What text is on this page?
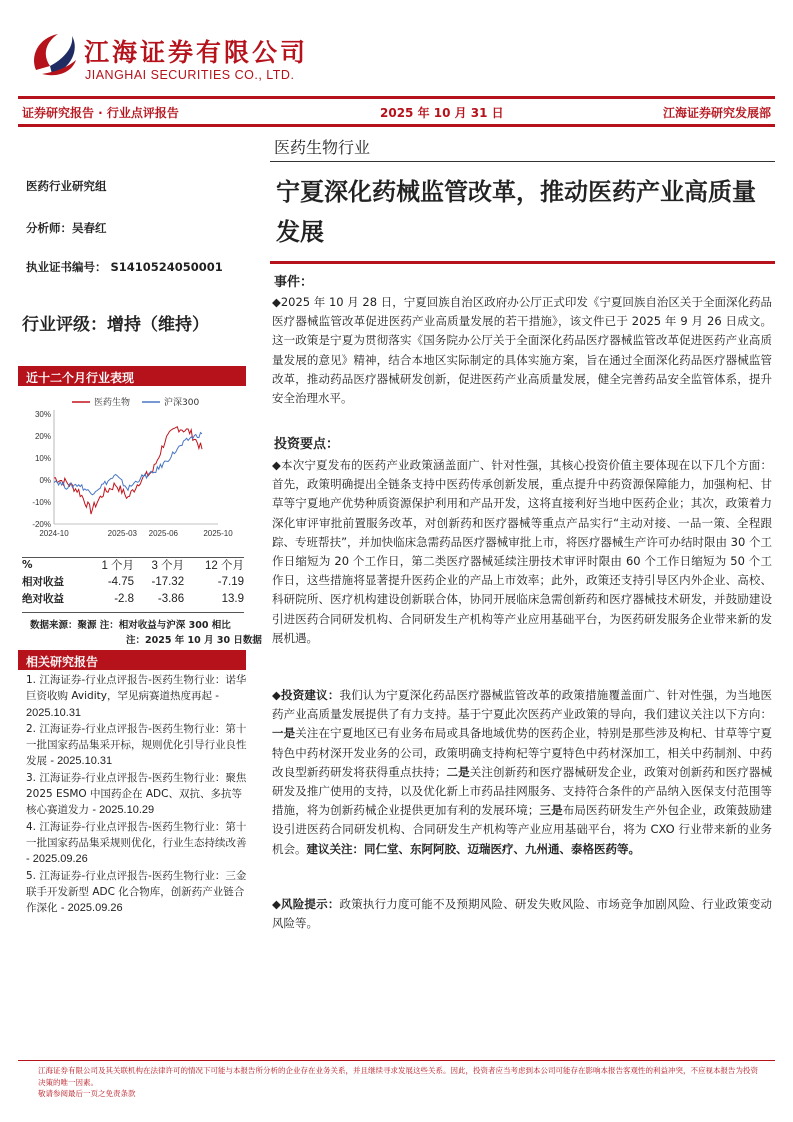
江海证券有限公司
JIANGHAI SECURITIES CO., LTD.
证券研究报告 · 行业点评报告	2025 年 10 月 31 日	江海证券研究发展部
医药行业研究组
分析师：吴春红
执业证书编号： S1410524050001
行业评级：增持（维持）
近十二个月行业表现
医药生物	沪深300
30%
20%
10%
0%
-10%
-20%
2024-10	2025-03 2025-06	2025-10
%	1 个月	3 个月	12 个月
相对收益	-4.75	-17.32	-7.19
绝对收益	-2.8	-3.86	13.9
数据来源：聚源 注：相对收益与沪深 300 相比
注：2025 年 10 月 30 日数据
相关研究报告
1. 江海证券-行业点评报告-医药生物行业：诺华巨资收购 Avidity，罕见病赛道热度再起 - 2025.10.31
2. 江海证券-行业点评报告-医药生物行业：第十一批国家药品集采开标，规则优化引导行业良性发展 - 2025.10.31
3. 江海证券-行业点评报告-医药生物行业：聚焦 2025 ESMO 中国药企在 ADC、双抗、多抗等核心赛道发力 - 2025.10.29
4. 江海证券-行业点评报告-医药生物行业：第十一批国家药品集采规则优化，行业生态持续改善 - 2025.09.26
5. 江海证券-行业点评报告-医药生物行业：三金联手开发新型 ADC 化合物库，创新药产业链合作深化 - 2025.09.26
医药生物行业
宁夏深化药械监管改革，推动医药产业高质量发展
事件：
◆2025 年 10 月 28 日，宁夏回族自治区政府办公厅正式印发《宁夏回族自治区关于全面深化药品医疗器械监管改革促进医药产业高质量发展的若干措施》，该文件已于 2025 年 9 月 26 日成文。这一政策是宁夏为贯彻落实《国务院办公厅关于全面深化药品医疗器械监管改革促进医药产业高质量发展的意见》精神，结合本地区实际制定的具体实施方案，旨在通过全面深化药品医疗器械监管改革，推动药品医疗器械研发创新，促进医药产业高质量发展，健全完善药品安全监管体系，提升安全治理水平。
投资要点：
◆本次宁夏发布的医药产业政策涵盖面广、针对性强，其核心投资价值主要体现在以下几个方面：首先，政策明确提出全链条支持中医药传承创新发展，重点提升中药资源保障能力，加强枸杞、甘草等宁夏地产优势种质资源保护利用和产品开发，这将直接利好当地中医药企业；其次，政策着力深化审评审批前置服务改革，对创新药和医疗器械等重点产品实行“主动对接、一品一策、全程跟踪、专班帮扶”，并加快临床急需药品医疗器械审批上市，将医疗器械生产许可办结时限由 30 个工作日缩短为 20 个工作日，第二类医疗器械延续注册技术审评时限由 60 个工作日缩短为 50 个工作日，这些措施将显著提升医药企业的产品上市效率；此外，政策还支持引导区内外企业、高校、科研院所、医疗机构建设创新联合体，协同开展临床急需创新药和医疗器械技术研发，并鼓励建设引进医药合同研发机构、合同研发生产机构等产业应用基础平台，为医药研发服务企业带来新的发展机遇。
◆投资建议：我们认为宁夏深化药品医疗器械监管改革的政策措施覆盖面广、针对性强，为当地医药产业高质量发展提供了有力支持。基于宁夏此次医药产业政策的导向，我们建议关注以下方向：一是关注在宁夏地区已有业务布局或具备地域优势的医药企业，特别是那些涉及枸杞、甘草等宁夏特色中药材深开发业务的公司，政策明确支持枸杞等宁夏特色中药材深加工，相关中药制剂、中药改良型新药研发将获得重点扶持；二是关注创新药和医疗器械研发企业，政策对创新药和医疗器械研发及推广使用的支持，以及优化新上市药品挂网服务、支持符合条件的产品纳入医保支付范围等措施，将为创新药械企业提供更加有利的发展环境；三是布局医药研发生产外包企业，政策鼓励建设引进医药合同研发机构、合同研发生产机构等产业应用基础平台，将为 CXO 行业带来新的业务机会。建议关注：同仁堂、东阿阿胶、迈瑞医疗、九州通、泰格医药等。
◆风险提示：政策执行力度可能不及预期风险、研发失败风险、市场竞争加剧风险、行业政策变动风险等。
江海证券有限公司及其关联机构在法律许可的情况下可能与本报告所分析的企业存在业务关系，并且继续寻求发展这些关系。因此，投资者应当考虑到本公司可能存在影响本报告客观性的利益冲突，不应视本报告为投资决策的唯一因素。
敬请参阅最后一页之免责条款
